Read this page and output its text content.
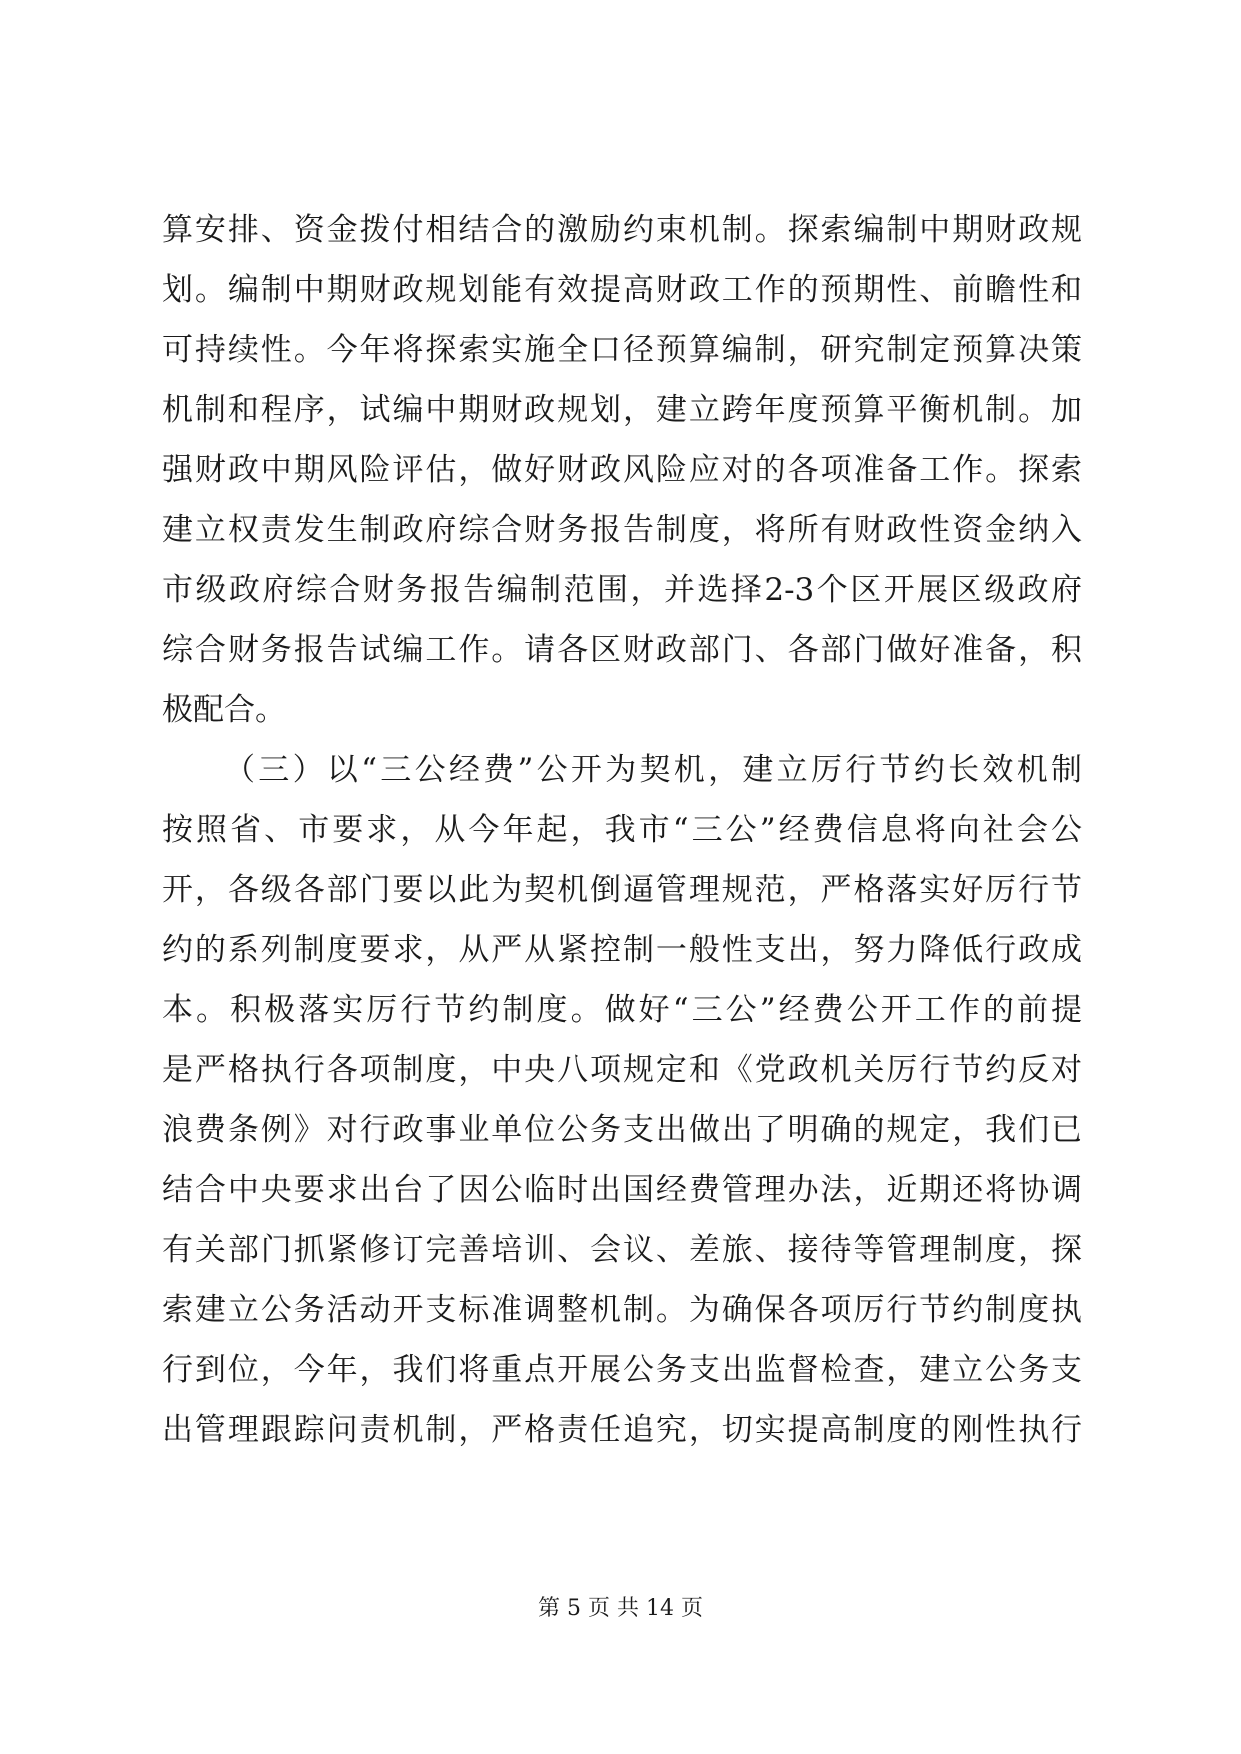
算安排、资金拨付相结合的激励约束机制。探索编制中期财政规
划。编制中期财政规划能有效提高财政工作的预期性、前瞻性和
可持续性。今年将探索实施全口径预算编制，研究制定预算决策
机制和程序，试编中期财政规划，建立跨年度预算平衡机制。加
强财政中期风险评估，做好财政风险应对的各项准备工作。探索
建立权责发生制政府综合财务报告制度，将所有财政性资金纳入
市级政府综合财务报告编制范围，并选择2-3个区开展区级政府
综合财务报告试编工作。请各区财政部门、各部门做好准备，积
极配合。
（三）以“三公经费”公开为契机，建立厉行节约长效机制
按照省、市要求，从今年起，我市“三公”经费信息将向社会公
开，各级各部门要以此为契机倒逼管理规范，严格落实好厉行节
约的系列制度要求，从严从紧控制一般性支出，努力降低行政成
本。积极落实厉行节约制度。做好“三公”经费公开工作的前提
是严格执行各项制度，中央八项规定和《党政机关厉行节约反对
浪费条例》对行政事业单位公务支出做出了明确的规定，我们已
结合中央要求出台了因公临时出国经费管理办法，近期还将协调
有关部门抓紧修订完善培训、会议、差旅、接待等管理制度，探
索建立公务活动开支标准调整机制。为确保各项厉行节约制度执
行到位，今年，我们将重点开展公务支出监督检查，建立公务支
出管理跟踪问责机制，严格责任追究，切实提高制度的刚性执行
第 5 页 共 14 页
